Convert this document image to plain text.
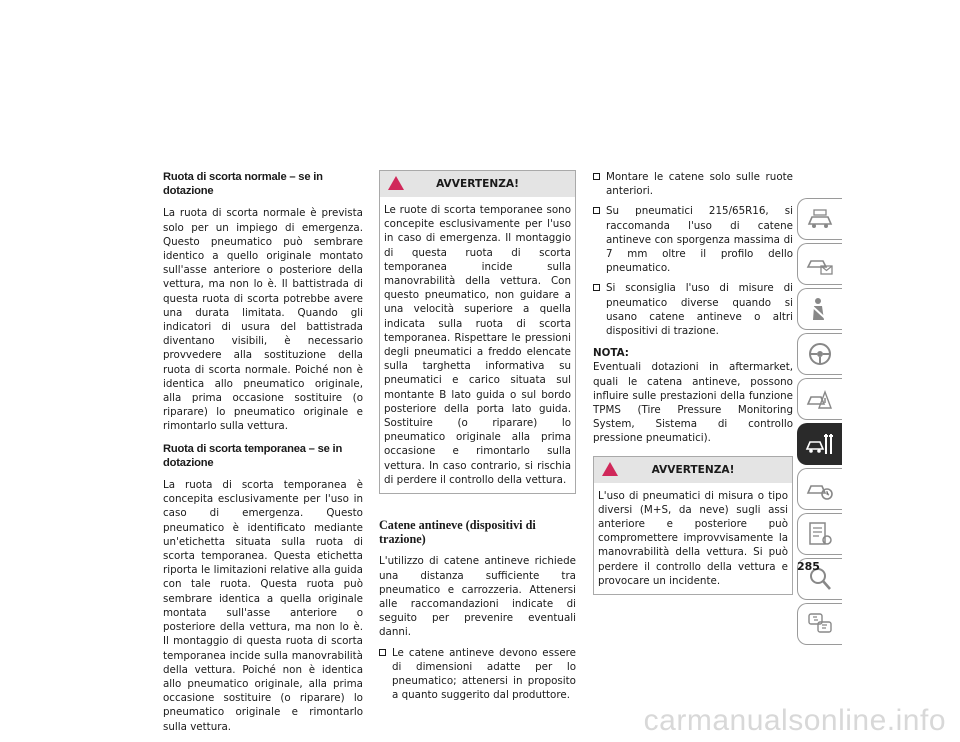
Ruota di scorta normale – se in dotazione

La ruota di scorta normale è prevista solo per un impiego di emergenza. Questo pneumatico può sembrare identico a quello originale montato sull'asse anteriore o posteriore della vettura, ma non lo è. Il battistrada di questa ruota di scorta potrebbe avere una durata limitata. Quando gli indicatori di usura del battistrada diventano visibili, è necessario provvedere alla sostituzione della ruota di scorta normale. Poiché non è identica allo pneumatico originale, alla prima occasione sostituire (o riparare) lo pneumatico originale e rimontarlo sulla vettura.

Ruota di scorta temporanea – se in dotazione

La ruota di scorta temporanea è concepita esclusivamente per l'uso in caso di emergenza. Questo pneumatico è identificato mediante un'etichetta situata sulla ruota di scorta temporanea. Questa etichetta riporta le limitazioni relative alla guida con tale ruota. Questa ruota può sembrare identica a quella originale montata sull'asse anteriore o posteriore della vettura, ma non lo è. Il montaggio di questa ruota di scorta temporanea incide sulla manovrabilità della vettura. Poiché non è identica allo pneumatico originale, alla prima occasione sostituire (o riparare) lo pneumatico originale e rimontarlo sulla vettura.

AVVERTENZA!

Le ruote di scorta temporanee sono concepite esclusivamente per l'uso in caso di emergenza. Il montaggio di questa ruota di scorta temporanea incide sulla manovrabilità della vettura. Con questo pneumatico, non guidare a una velocità superiore a quella indicata sulla ruota di scorta temporanea. Rispettare le pressioni degli pneumatici a freddo elencate sulla targhetta informativa su pneumatici e carico situata sul montante B lato guida o sul bordo posteriore della porta lato guida. Sostituire (o riparare) lo pneumatico originale alla prima occasione e rimontarlo sulla vettura. In caso contrario, si rischia di perdere il controllo della vettura.

Catene antineve (dispositivi di trazione)

L'utilizzo di catene antineve richiede una distanza sufficiente tra pneumatico e carrozzeria. Attenersi alle raccomandazioni indicate di seguito per prevenire eventuali danni.

Le catene antineve devono essere di dimensioni adatte per lo pneumatico; attenersi in proposito a quanto suggerito dal produttore.
Montare le catene solo sulle ruote anteriori.
Su pneumatici 215/65R16, si raccomanda l'uso di catene antineve con sporgenza massima di 7 mm oltre il profilo dello pneumatico.
Si sconsiglia l'uso di misure di pneumatico diverse quando si usano catene antineve o altri dispositivi di trazione.
NOTA:

Eventuali dotazioni in aftermarket, quali le catena antineve, possono influire sulle prestazioni della funzione TPMS (Tire Pressure Monitoring System, Sistema di controllo pressione pneumatici).

AVVERTENZA!

L'uso di pneumatici di misura o tipo diversi (M+S, da neve) sugli assi anteriore e posteriore può compromettere improvvisamente la manovrabilità della vettura. Si può perdere il controllo della vettura e provocare un incidente.

285
carmanualsonline.info
